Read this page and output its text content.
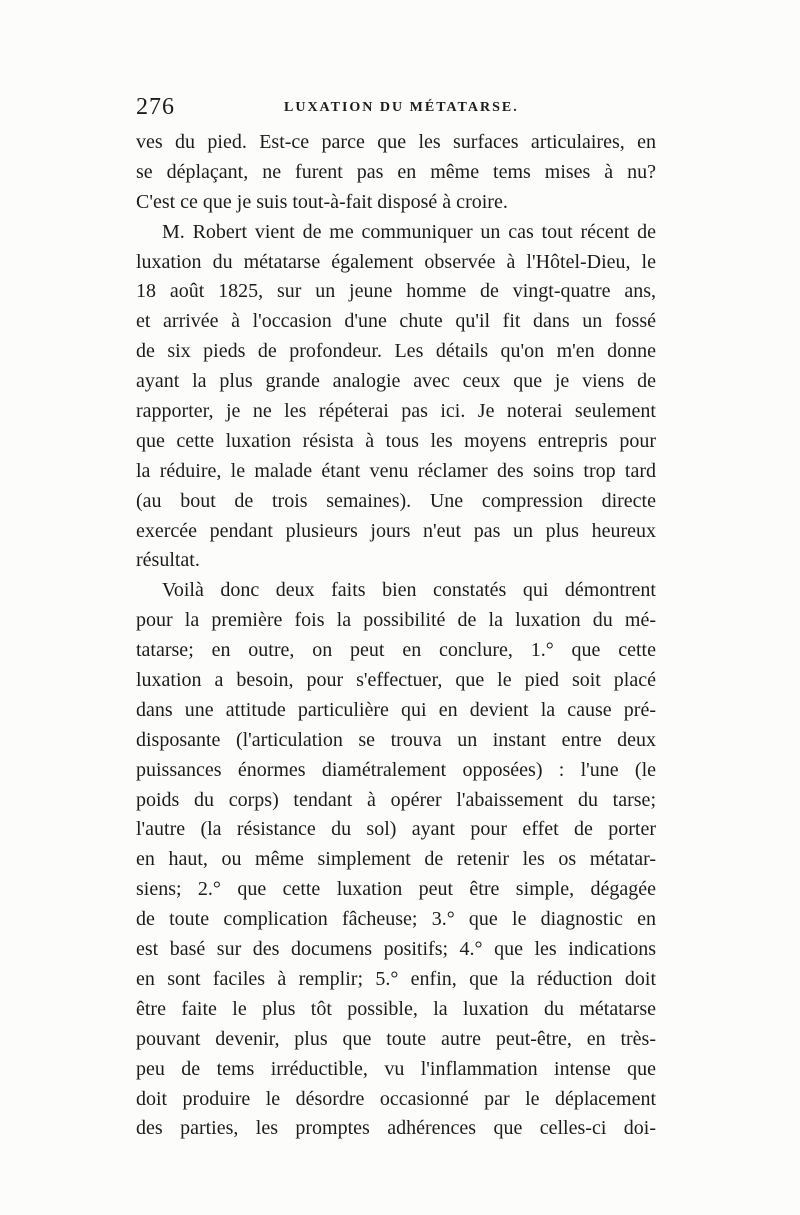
276	LUXATION DU MÉTATARSE.
ves du pied. Est-ce parce que les surfaces articulaires, en
se déplaçant, ne furent pas en même tems mises à nu?
C'est ce que je suis tout-à-fait disposé à croire.
M. Robert vient de me communiquer un cas tout récent de
luxation du métatarse également observée à l'Hôtel-Dieu, le
18 août 1825, sur un jeune homme de vingt-quatre ans,
et arrivée à l'occasion d'une chute qu'il fit dans un fossé
de six pieds de profondeur. Les détails qu'on m'en donne
ayant la plus grande analogie avec ceux que je viens de
rapporter, je ne les répéterai pas ici. Je noterai seulement
que cette luxation résista à tous les moyens entrepris pour
la réduire, le malade étant venu réclamer des soins trop tard
(au bout de trois semaines). Une compression directe
exercée pendant plusieurs jours n'eut pas un plus heureux
résultat.
Voilà donc deux faits bien constatés qui démontrent
pour la première fois la possibilité de la luxation du mé-
tatarse; en outre, on peut en conclure, 1.° que cette
luxation a besoin, pour s'effectuer, que le pied soit placé
dans une attitude particulière qui en devient la cause pré-
disposante (l'articulation se trouva un instant entre deux
puissances énormes diamétralement opposées) : l'une (le
poids du corps) tendant à opérer l'abaissement du tarse;
l'autre (la résistance du sol) ayant pour effet de porter
en haut, ou même simplement de retenir les os métatar-
siens; 2.° que cette luxation peut être simple, dégagée
de toute complication fâcheuse; 3.° que le diagnostic en
est basé sur des documens positifs; 4.° que les indications
en sont faciles à remplir; 5.° enfin, que la réduction doit
être faite le plus tôt possible, la luxation du métatarse
pouvant devenir, plus que toute autre peut-être, en très-
peu de tems irréductible, vu l'inflammation intense que
doit produire le désordre occasionné par le déplacement
des parties, les promptes adhérences que celles-ci doi-
